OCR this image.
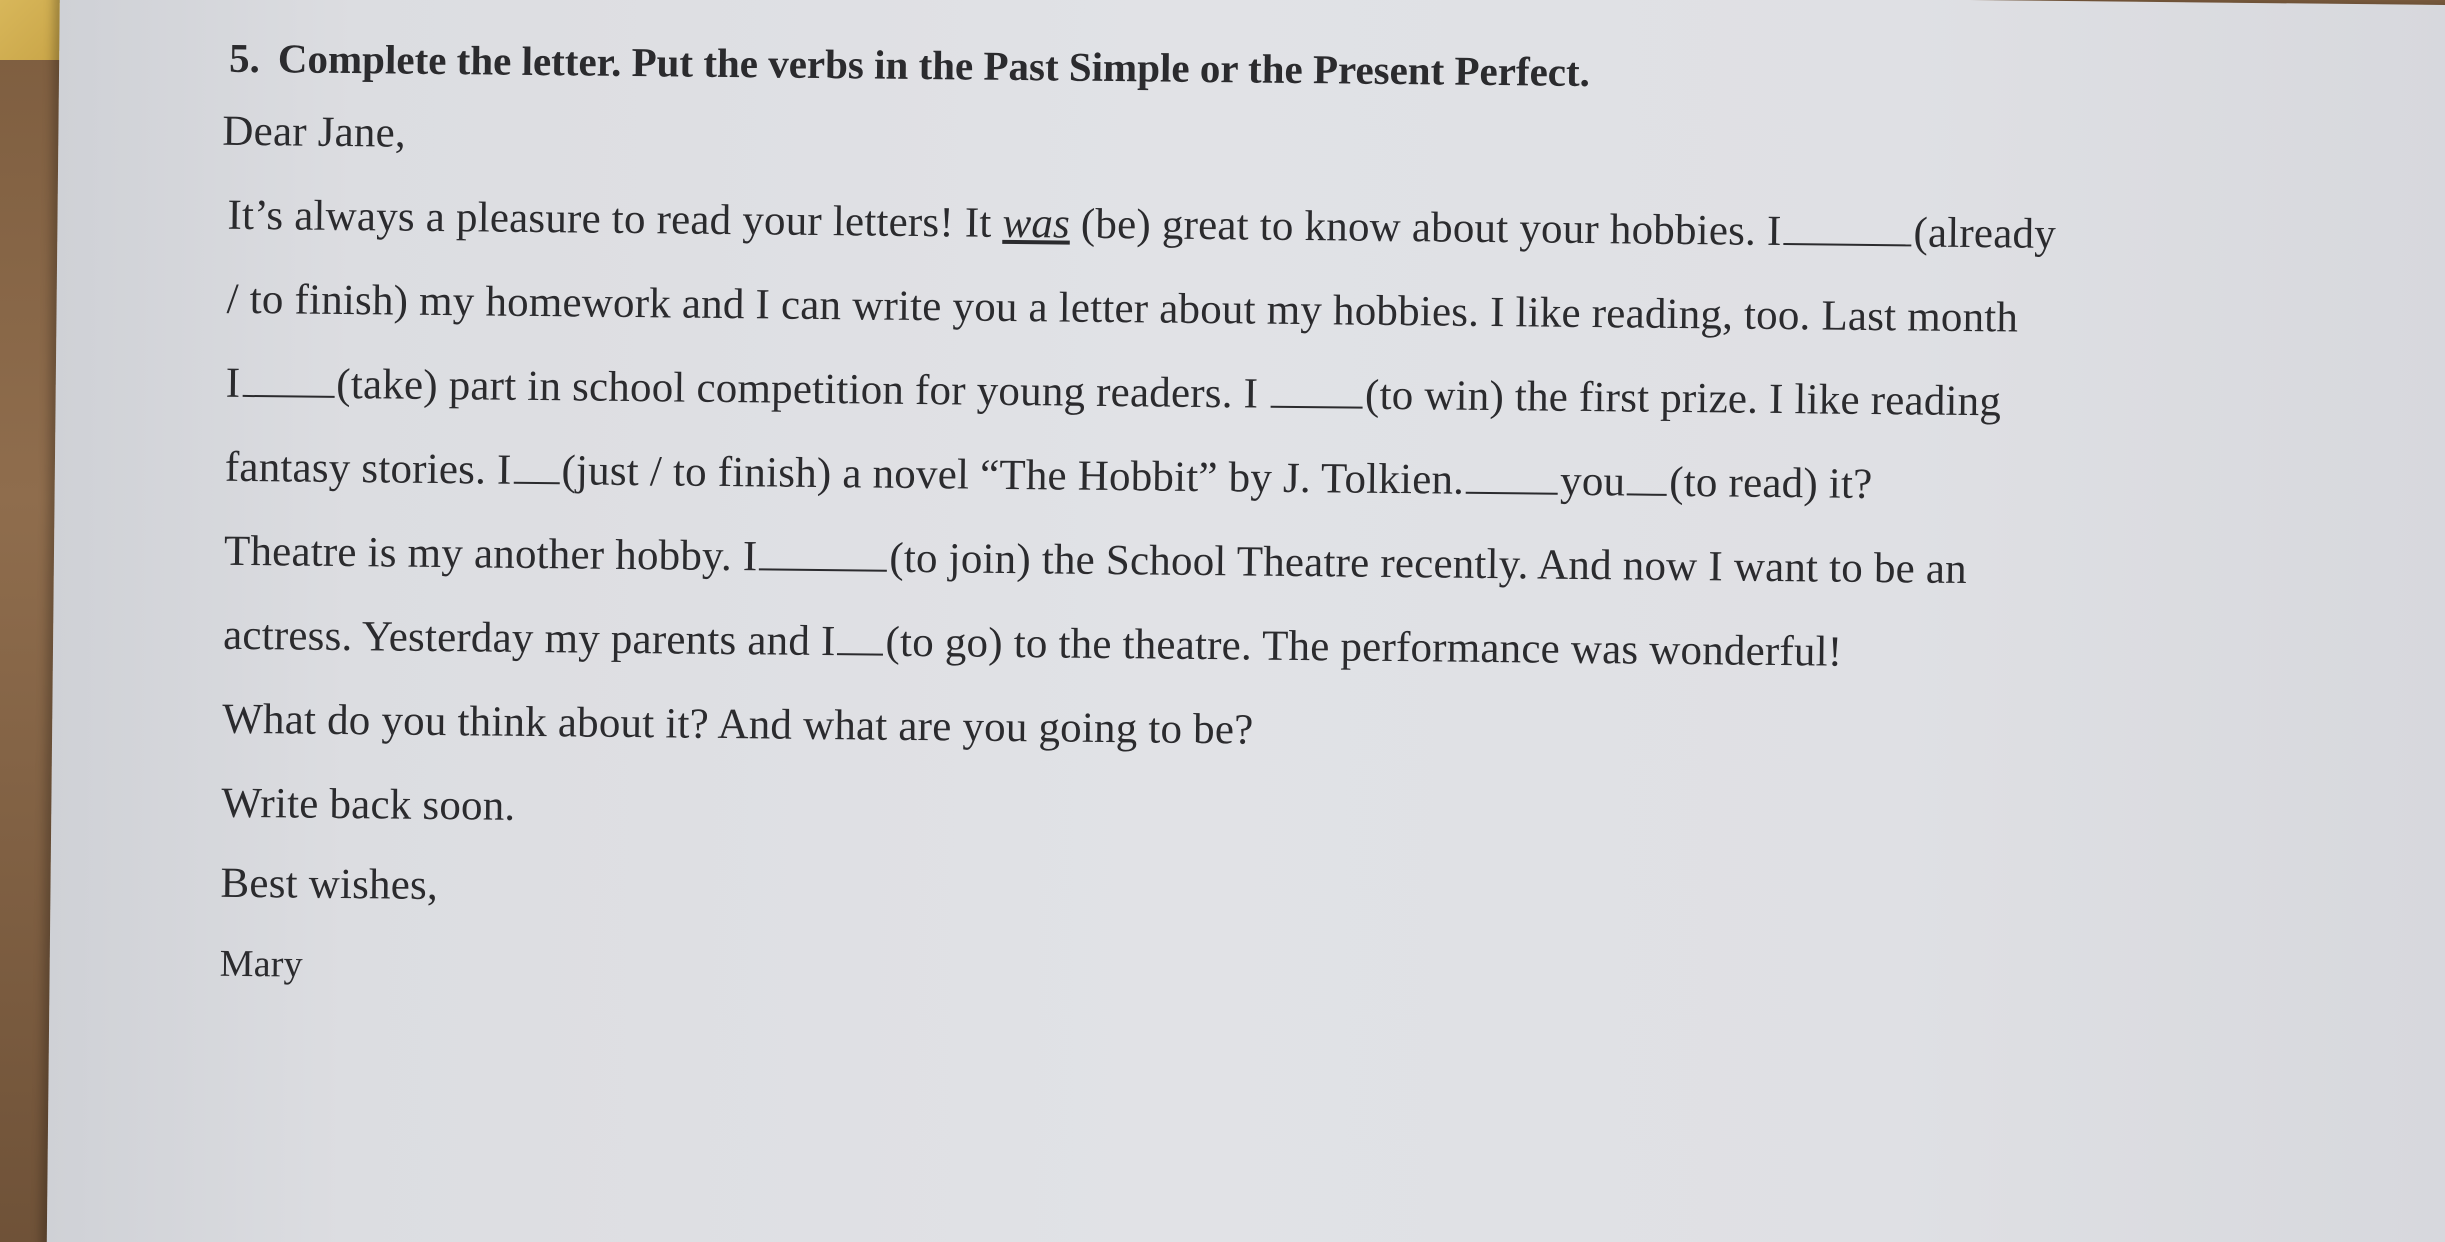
5. Complete the letter. Put the verbs in the Past Simple or the Present Perfect.
Dear Jane,
It’s always a pleasure to read your letters! It was (be) great to know about your hobbies. I	(already
/ to finish) my homework and I can write you a letter about my hobbies. I like reading, too. Last month
I (take) part in school competition for young readers. I (to win) the first prize. I like reading
fantasy stories. I (just / to finish) a novel “The Hobbit” by J. Tolkien. you (to read) it?
Theatre is my another hobby. I	(to join) the School Theatre recently. And now I want to be an
actress. Yesterday my parents and I (to go) to the theatre. The performance was wonderful!
What do you think about it? And what are you going to be?
Write back soon.
Best wishes,
Mary
